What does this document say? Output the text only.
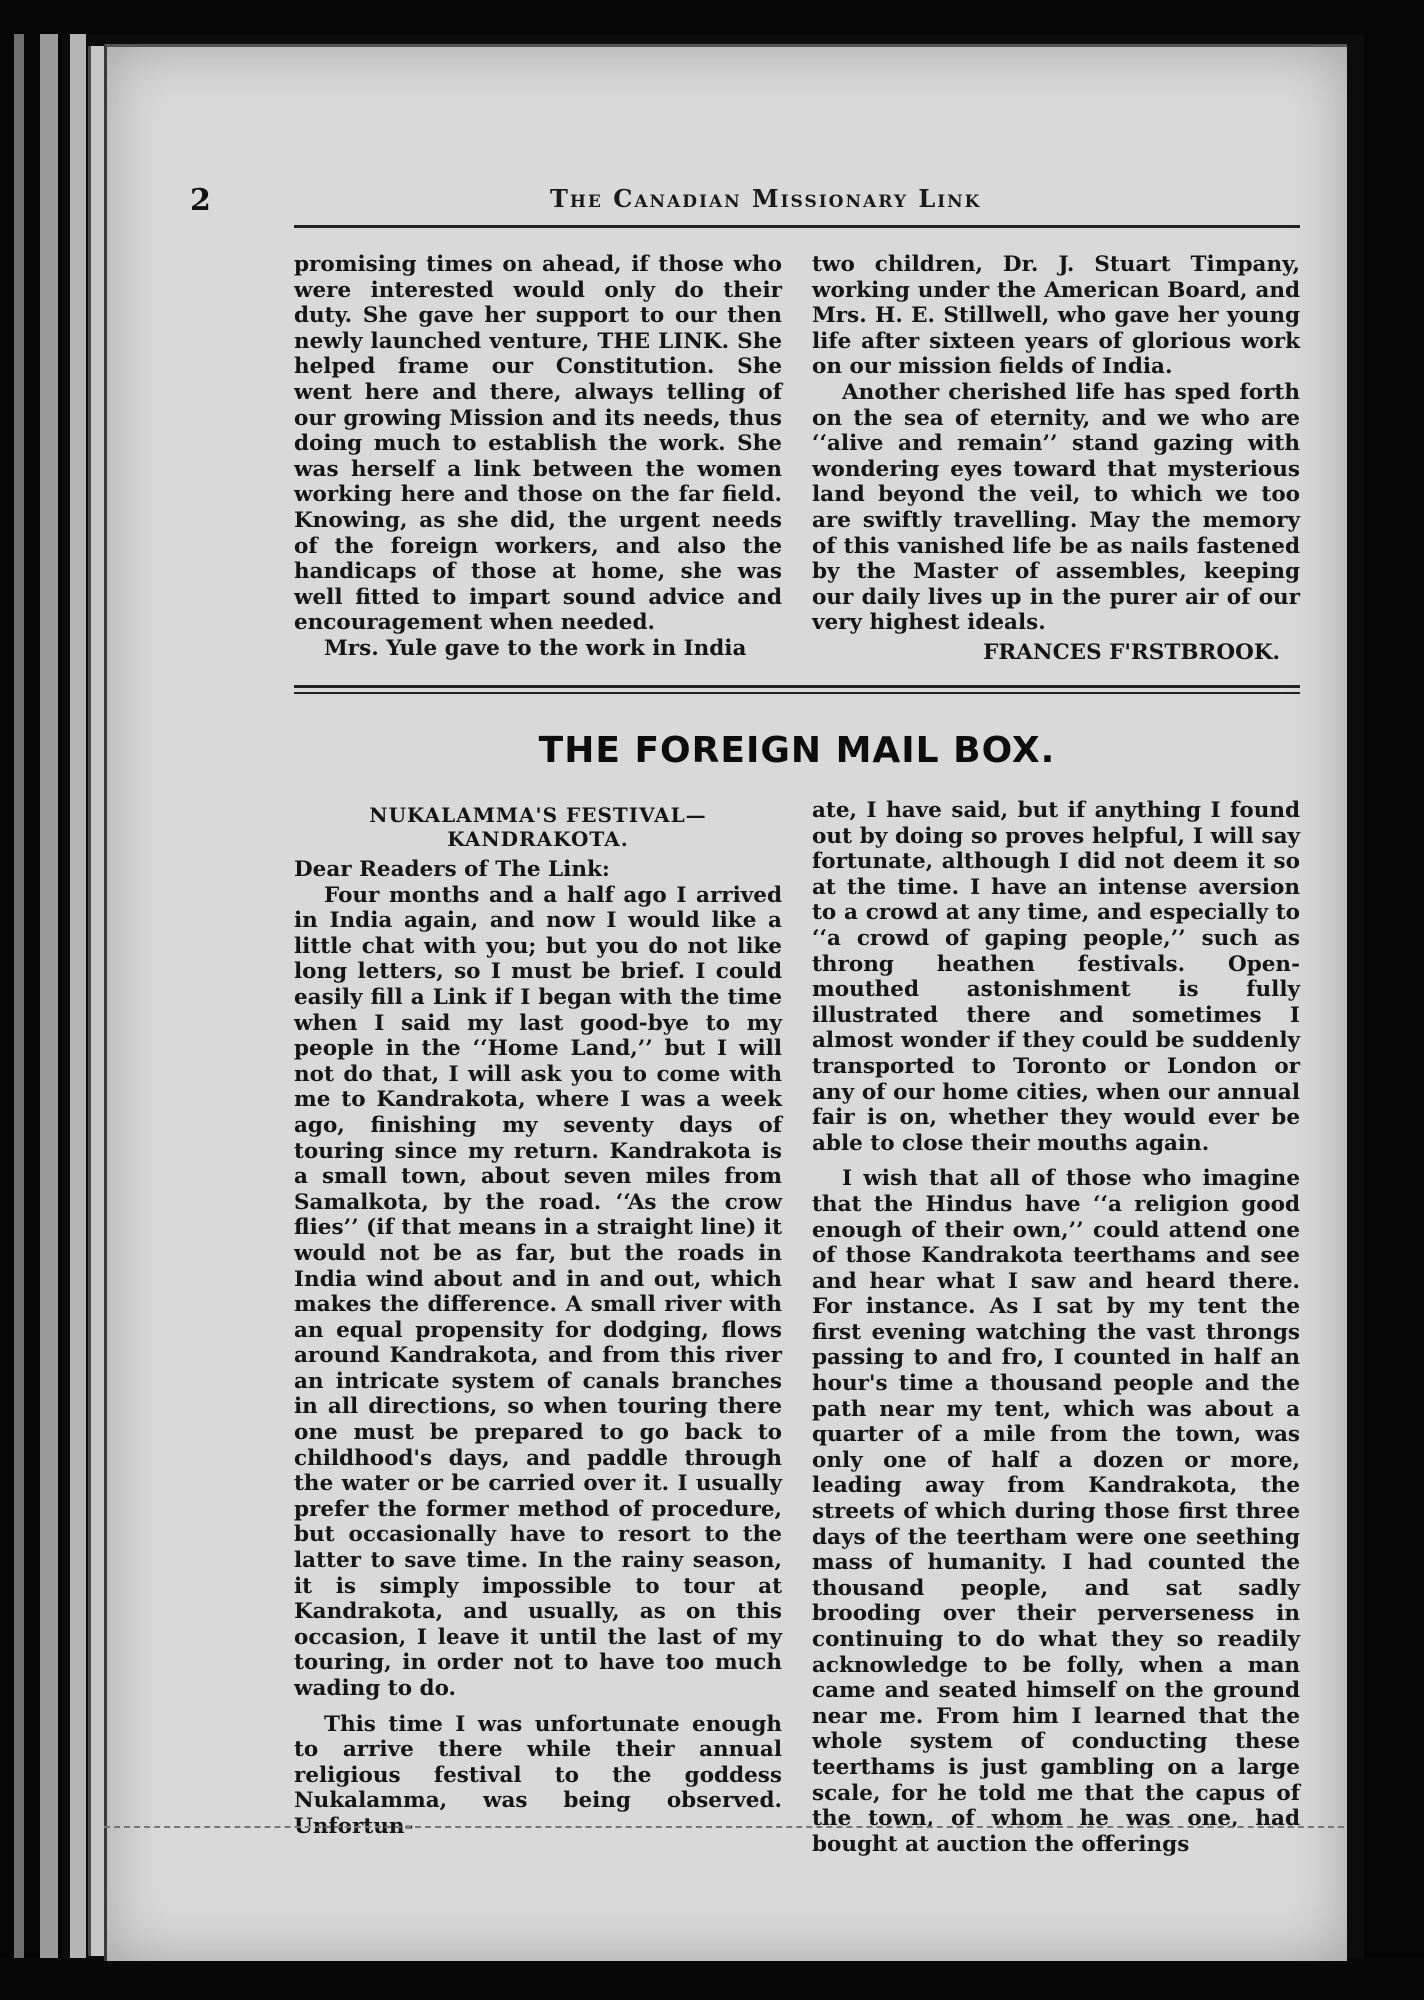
2	The Canadian Missionary Link

promising times on ahead, if those who were interested would only do their duty. She gave her support to our then newly launched venture, THE LINK. She helped frame our Constitution. She went here and there, always telling of our growing Mission and its needs, thus doing much to establish the work. She was herself a link between the women working here and those on the far field. Knowing, as she did, the urgent needs of the foreign workers, and also the handicaps of those at home, she was well fitted to impart sound advice and encouragement when needed.

Mrs. Yule gave to the work in India

two children, Dr. J. Stuart Timpany, working under the American Board, and Mrs. H. E. Stillwell, who gave her young life after sixteen years of glorious work on our mission fields of India.

Another cherished life has sped forth on the sea of eternity, and we who are ‘‘alive and remain’’ stand gazing with wondering eyes toward that mysterious land beyond the veil, to which we too are swiftly travelling. May the memory of this vanished life be as nails fastened by the Master of assembles, keeping our daily lives up in the purer air of our very highest ideals.

FRANCES F'RSTBROOK.

THE FOREIGN MAIL BOX.

NUKALAMMA'S FESTIVAL—KANDRAKOTA.

Dear Readers of The Link:

Four months and a half ago I arrived in India again, and now I would like a little chat with you; but you do not like long letters, so I must be brief. I could easily fill a Link if I began with the time when I said my last good-bye to my people in the ‘‘Home Land,’’ but I will not do that, I will ask you to come with me to Kandrakota, where I was a week ago, finishing my seventy days of touring since my return. Kandrakota is a small town, about seven miles from Samalkota, by the road. ‘‘As the crow flies’’ (if that means in a straight line) it would not be as far, but the roads in India wind about and in and out, which makes the difference. A small river with an equal propensity for dodging, flows around Kandrakota, and from this river an intricate system of canals branches in all directions, so when touring there one must be prepared to go back to childhood's days, and paddle through the water or be carried over it. I usually prefer the former method of procedure, but occasionally have to resort to the latter to save time. In the rainy season, it is simply impossible to tour at Kandrakota, and usually, as on this occasion, I leave it until the last of my touring, in order not to have too much wading to do.

This time I was unfortunate enough to arrive there while their annual religious festival to the goddess Nukalamma, was being observed. Unfortun-

ate, I have said, but if anything I found out by doing so proves helpful, I will say fortunate, although I did not deem it so at the time. I have an intense aversion to a crowd at any time, and especially to ‘‘a crowd of gaping people,’’ such as throng heathen festivals. Open-mouthed astonishment is fully illustrated there and sometimes I almost wonder if they could be suddenly transported to Toronto or London or any of our home cities, when our annual fair is on, whether they would ever be able to close their mouths again.

I wish that all of those who imagine that the Hindus have ‘‘a religion good enough of their own,’’ could attend one of those Kandrakota teerthams and see and hear what I saw and heard there. For instance. As I sat by my tent the first evening watching the vast throngs passing to and fro, I counted in half an hour's time a thousand people and the path near my tent, which was about a quarter of a mile from the town, was only one of half a dozen or more, leading away from Kandrakota, the streets of which during those first three days of the teertham were one seething mass of humanity. I had counted the thousand people, and sat sadly brooding over their perverseness in continuing to do what they so readily acknowledge to be folly, when a man came and seated himself on the ground near me. From him I learned that the whole system of conducting these teerthams is just gambling on a large scale, for he told me that the capus of the town, of whom he was one, had bought at auction the offerings
